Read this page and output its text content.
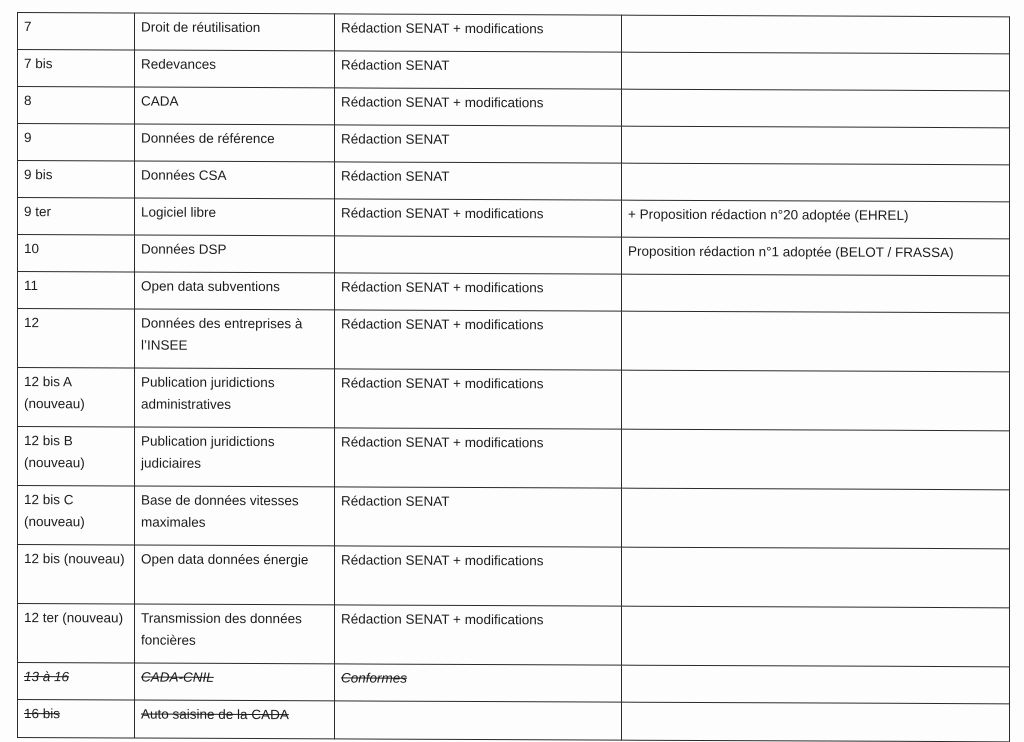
7	Droit de réutilisation	Rédaction SENAT + modifications	
7 bis	Redevances	Rédaction SENAT	
8	CADA	Rédaction SENAT + modifications	
9	Données de référence	Rédaction SENAT	
9 bis	Données CSA	Rédaction SENAT	
9 ter	Logiciel libre	Rédaction SENAT + modifications	+ Proposition rédaction n°20 adoptée (EHREL)
10	Données DSP		Proposition rédaction n°1 adoptée (BELOT / FRASSA)
11	Open data subventions	Rédaction SENAT + modifications	
12	Données des entreprises à l’INSEE	Rédaction SENAT + modifications	
12 bis A (nouveau)	Publication juridictions administratives	Rédaction SENAT + modifications	
12 bis B (nouveau)	Publication juridictions judiciaires	Rédaction SENAT + modifications	
12 bis C (nouveau)	Base de données vitesses maximales	Rédaction SENAT	
12 bis (nouveau)	Open data données énergie	Rédaction SENAT + modifications	
12 ter (nouveau)	Transmission des données foncières	Rédaction SENAT + modifications	
13 à 16	CADA-CNIL	Conformes	
16 bis	Auto saisine de la CADA		
